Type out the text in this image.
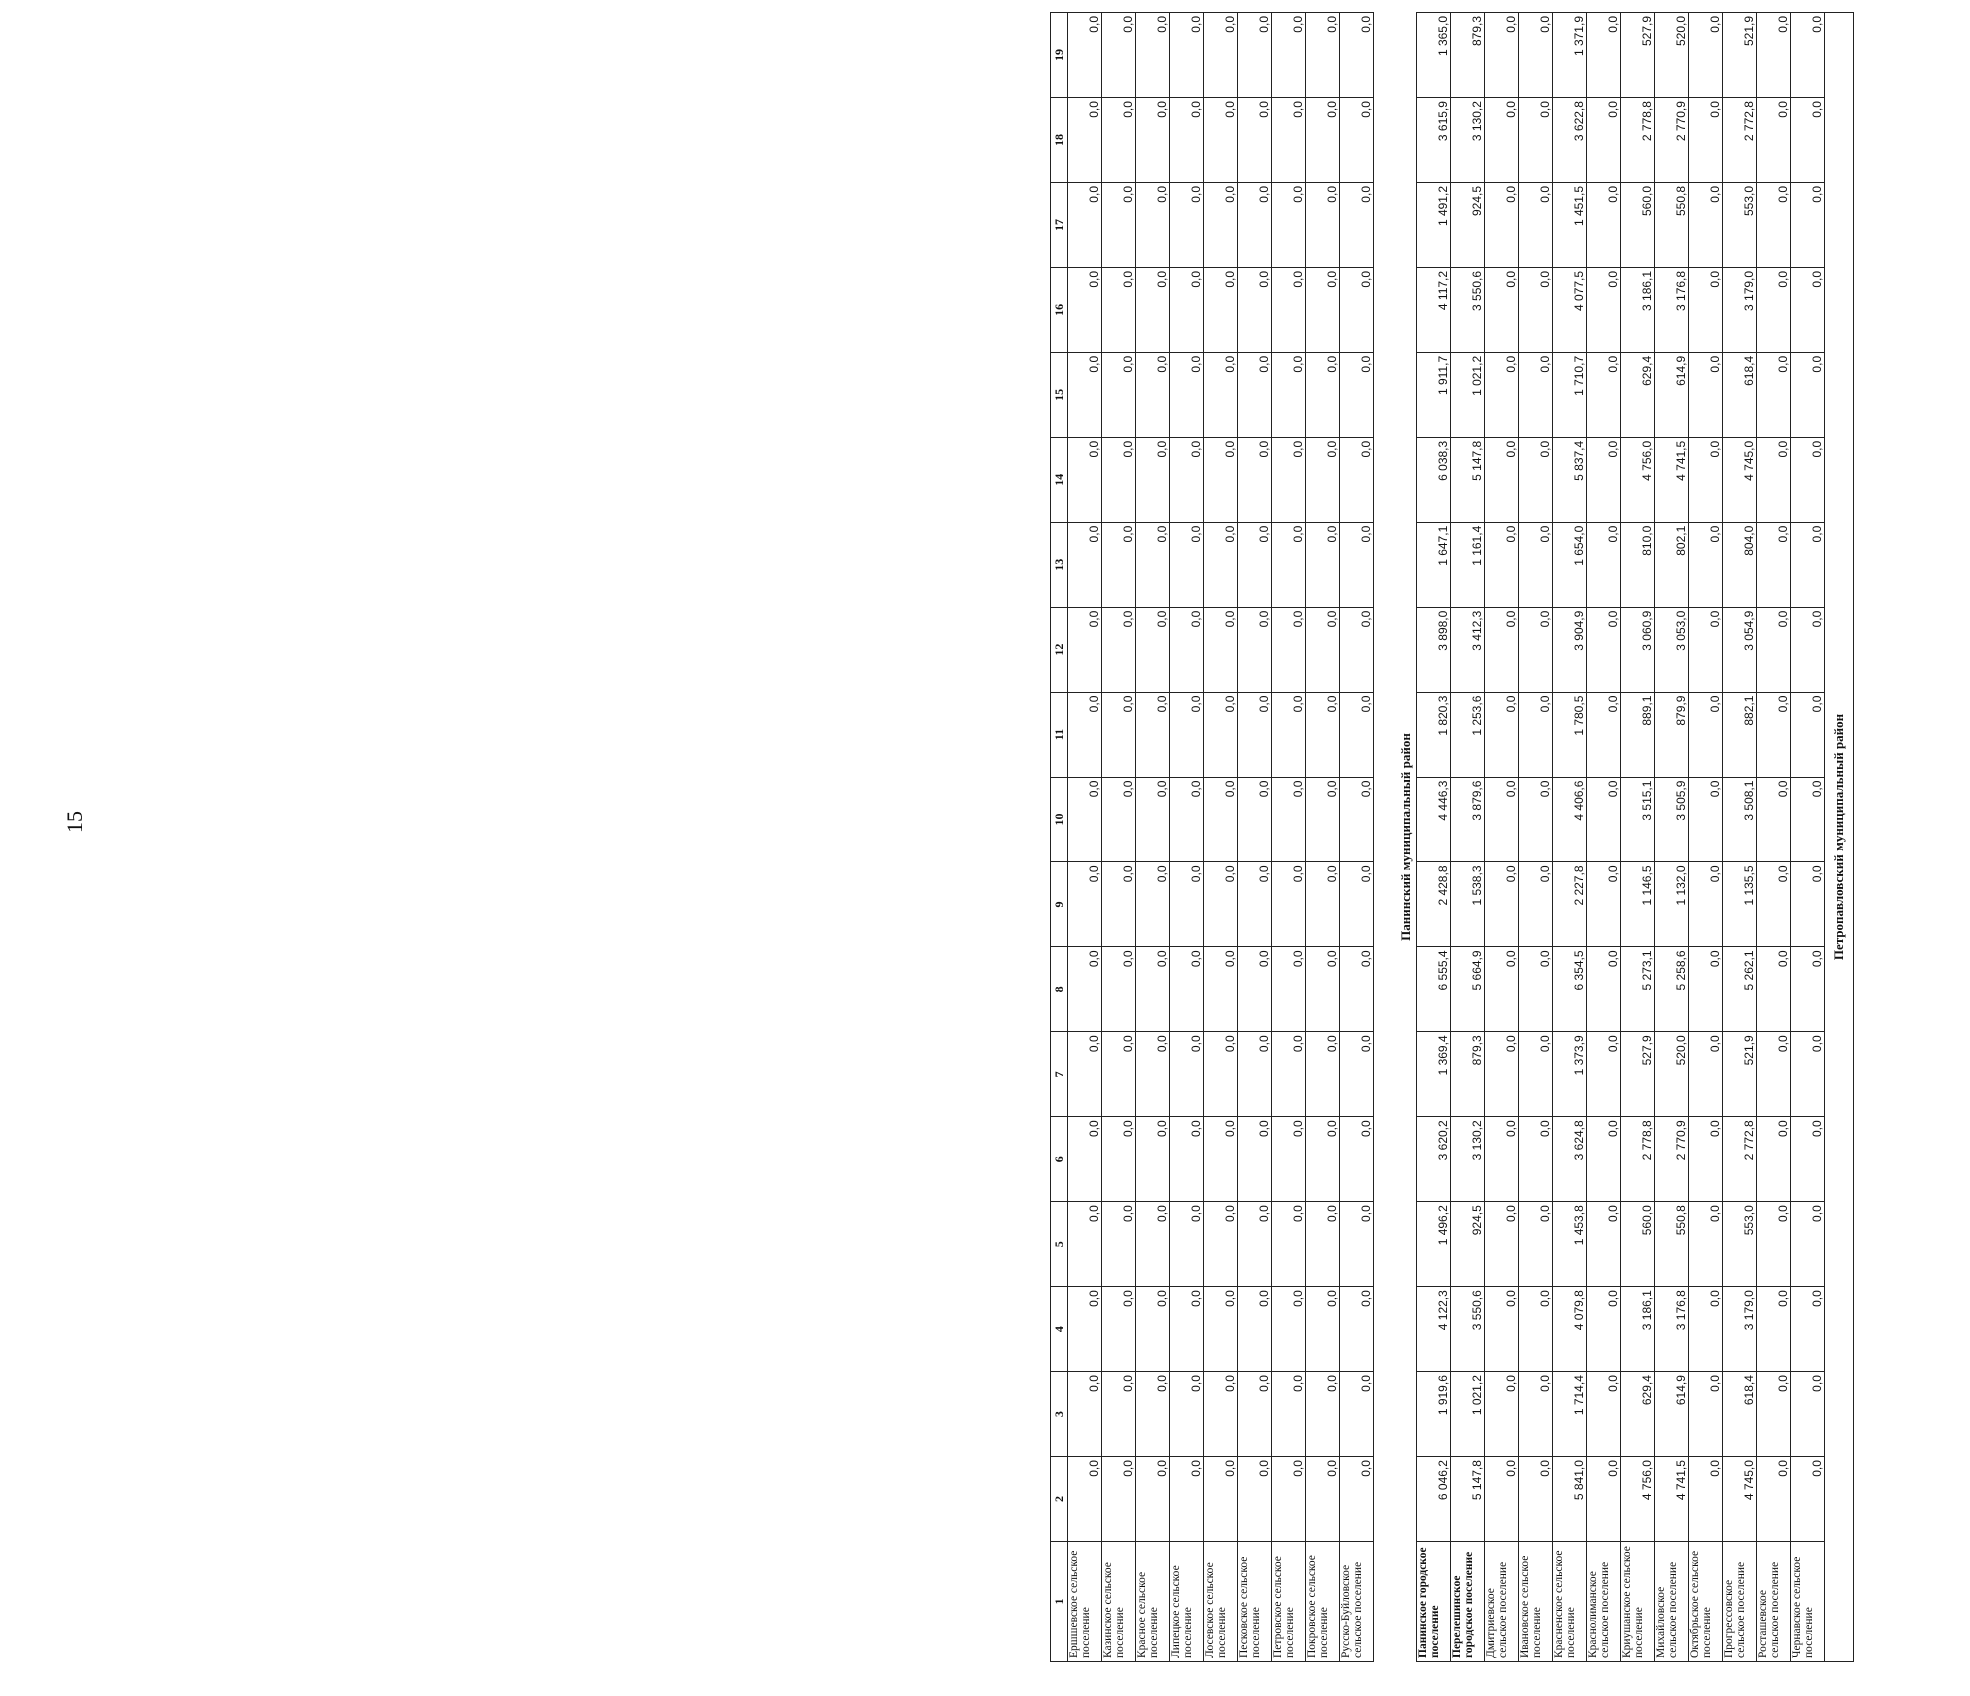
15
1	2	3	4	5	6	7	8	9	10	11	12	13	14	15	16	17	18	19
Ершшевское сельское поселение	0,0	0,0	0,0	0,0	0,0	0,0	0,0	0,0	0,0	0,0	0,0	0,0	0,0	0,0	0,0	0,0	0,0	0,0
Казинское сельское поселение	0,0	0,0	0,0	0,0	0,0	0,0	0,0	0,0	0,0	0,0	0,0	0,0	0,0	0,0	0,0	0,0	0,0	0,0
Красное сельское поселение	0,0	0,0	0,0	0,0	0,0	0,0	0,0	0,0	0,0	0,0	0,0	0,0	0,0	0,0	0,0	0,0	0,0	0,0
Липецкое сельское поселение	0,0	0,0	0,0	0,0	0,0	0,0	0,0	0,0	0,0	0,0	0,0	0,0	0,0	0,0	0,0	0,0	0,0	0,0
Лосевское сельское поселение	0,0	0,0	0,0	0,0	0,0	0,0	0,0	0,0	0,0	0,0	0,0	0,0	0,0	0,0	0,0	0,0	0,0	0,0
Песковское сельское поселение	0,0	0,0	0,0	0,0	0,0	0,0	0,0	0,0	0,0	0,0	0,0	0,0	0,0	0,0	0,0	0,0	0,0	0,0
Петровское сельское поселение	0,0	0,0	0,0	0,0	0,0	0,0	0,0	0,0	0,0	0,0	0,0	0,0	0,0	0,0	0,0	0,0	0,0	0,0
Покровское сельское поселение	0,0	0,0	0,0	0,0	0,0	0,0	0,0	0,0	0,0	0,0	0,0	0,0	0,0	0,0	0,0	0,0	0,0	0,0
Русско-Буйловское сельское поселение	0,0	0,0	0,0	0,0	0,0	0,0	0,0	0,0	0,0	0,0	0,0	0,0	0,0	0,0	0,0	0,0	0,0	0,0
Панинский муниципальный район																		
Панинское городское поселение	6 046,2	1 919,6	4 122,3	1 496,2	3 620,2	1 369,4	6 555,4	2 428,8	4 446,3	1 820,3	3 898,0	1 647,1	6 038,3	1 911,7	4 117,2	1 491,2	3 615,9	1 365,0
Перелешинское городское поселение	5 147,8	1 021,2	3 550,6	924,5	3 130,2	879,3	5 664,9	1 538,3	3 879,6	1 253,6	3 412,3	1 161,4	5 147,8	1 021,2	3 550,6	924,5	3 130,2	879,3
Дмитриевское сельское поселение	0,0	0,0	0,0	0,0	0,0	0,0	0,0	0,0	0,0	0,0	0,0	0,0	0,0	0,0	0,0	0,0	0,0	0,0
Ивановское сельское поселение	0,0	0,0	0,0	0,0	0,0	0,0	0,0	0,0	0,0	0,0	0,0	0,0	0,0	0,0	0,0	0,0	0,0	0,0
Красненское сельское поселение	5 841,0	1 714,4	4 079,8	1 453,8	3 624,8	1 373,9	6 354,5	2 227,8	4 406,6	1 780,5	3 904,9	1 654,0	5 837,4	1 710,7	4 077,5	1 451,5	3 622,8	1 371,9
Краснолиманское сельское поселение	0,0	0,0	0,0	0,0	0,0	0,0	0,0	0,0	0,0	0,0	0,0	0,0	0,0	0,0	0,0	0,0	0,0	0,0
Криушанское сельское поселение	4 756,0	629,4	3 186,1	560,0	2 778,8	527,9	5 273,1	1 146,5	3 515,1	889,1	3 060,9	810,0	4 756,0	629,4	3 186,1	560,0	2 778,8	527,9
Михайловское сельское поселение	4 741,5	614,9	3 176,8	550,8	2 770,9	520,0	5 258,6	1 132,0	3 505,9	879,9	3 053,0	802,1	4 741,5	614,9	3 176,8	550,8	2 770,9	520,0
Октябрьское сельское поселение	0,0	0,0	0,0	0,0	0,0	0,0	0,0	0,0	0,0	0,0	0,0	0,0	0,0	0,0	0,0	0,0	0,0	0,0
Прогрессовское сельское поселение	4 745,0	618,4	3 179,0	553,0	2 772,8	521,9	5 262,1	1 135,5	3 508,1	882,1	3 054,9	804,0	4 745,0	618,4	3 179,0	553,0	2 772,8	521,9
Росташевское сельское поселение	0,0	0,0	0,0	0,0	0,0	0,0	0,0	0,0	0,0	0,0	0,0	0,0	0,0	0,0	0,0	0,0	0,0	0,0
Чернавское сельское поселение	0,0	0,0	0,0	0,0	0,0	0,0	0,0	0,0	0,0	0,0	0,0	0,0	0,0	0,0	0,0	0,0	0,0	0,0
Петропавловский муниципальный район																		
